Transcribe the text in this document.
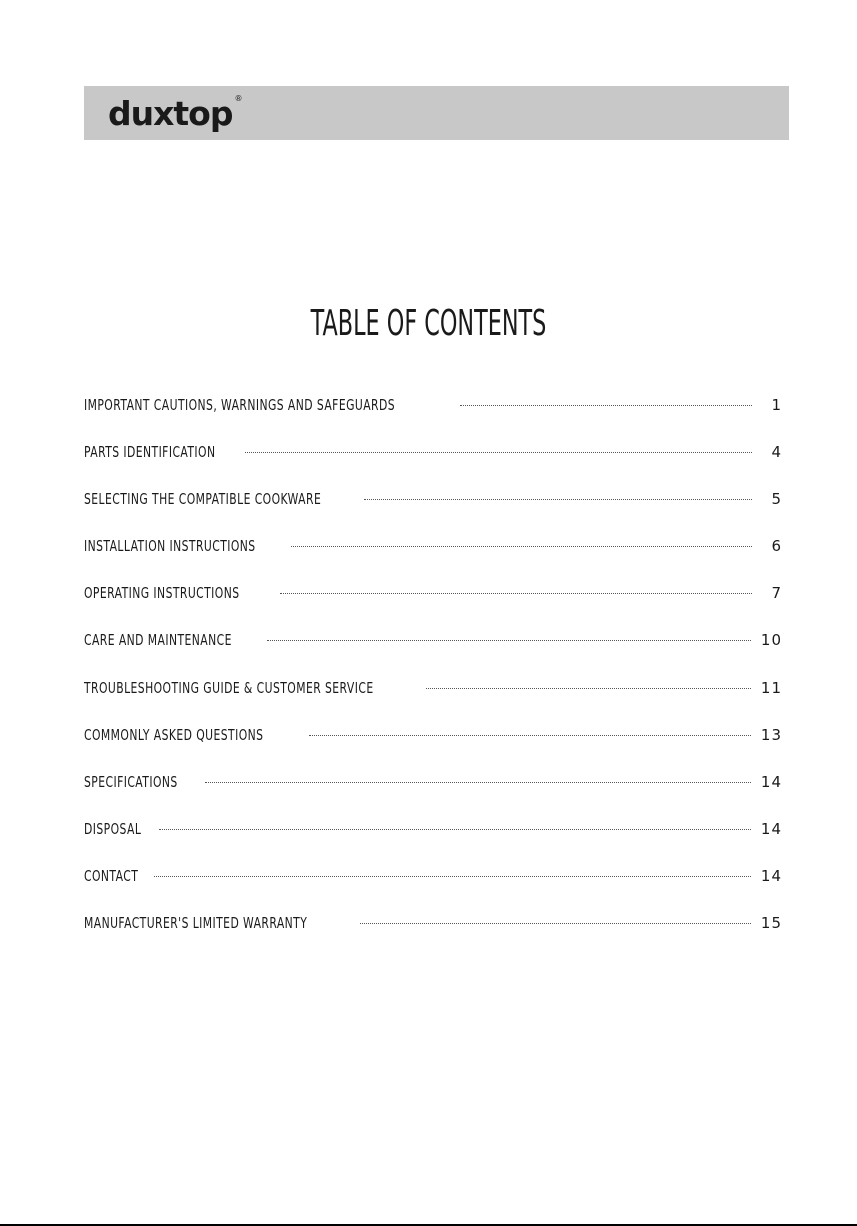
duxtop ®
TABLE OF CONTENTS
IMPORTANT CAUTIONS, WARNINGS AND SAFEGUARDS	1
PARTS IDENTIFICATION	4
SELECTING THE COMPATIBLE COOKWARE	5
INSTALLATION INSTRUCTIONS	6
OPERATING INSTRUCTIONS	7
CARE AND MAINTENANCE	10
TROUBLESHOOTING GUIDE & CUSTOMER SERVICE	11
COMMONLY ASKED QUESTIONS	13
SPECIFICATIONS	14
DISPOSAL	14
CONTACT	14
MANUFACTURER'S LIMITED WARRANTY	15
